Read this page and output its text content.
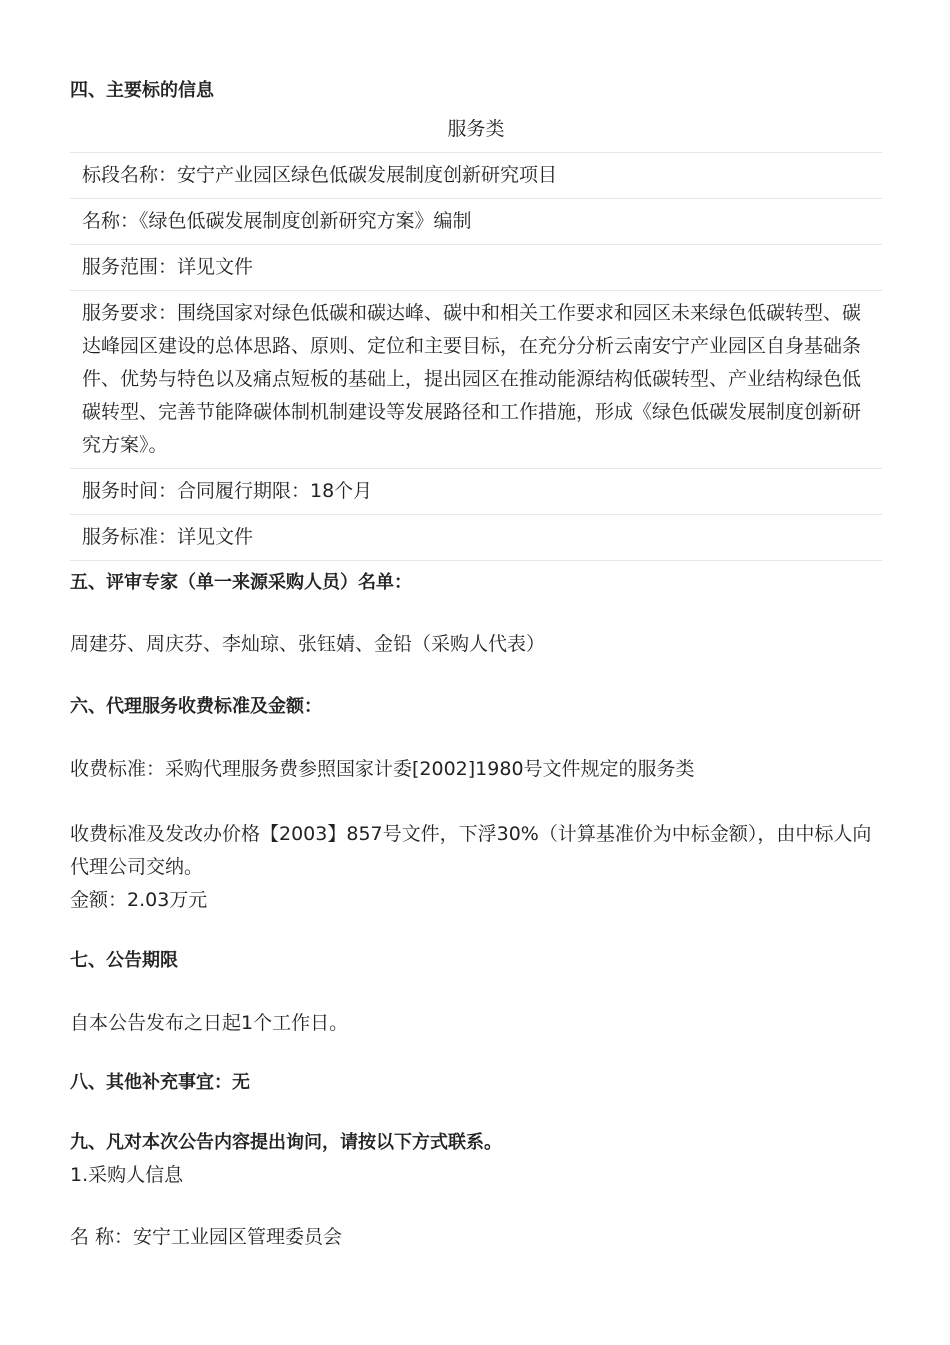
四、主要标的信息
服务类
标段名称：安宁产业园区绿色低碳发展制度创新研究项目
名称：《绿色低碳发展制度创新研究方案》编制
服务范围：详见文件
服务要求：围绕国家对绿色低碳和碳达峰、碳中和相关工作要求和园区未来绿色低碳转型、碳达峰园区建设的总体思路、原则、定位和主要目标，在充分分析云南安宁产业园区自身基础条件、优势与特色以及痛点短板的基础上，提出园区在推动能源结构低碳转型、产业结构绿色低碳转型、完善节能降碳体制机制建设等发展路径和工作措施，形成《绿色低碳发展制度创新研究方案》。
服务时间：合同履行期限：18个月
服务标准：详见文件
五、评审专家（单一来源采购人员）名单：

周建芬、周庆芬、李灿琼、张钰婧、金铅（采购人代表）

六、代理服务收费标准及金额：

收费标准：采购代理服务费参照国家计委[2002]1980号文件规定的服务类

收费标准及发改办价格【2003】857号文件，下浮30%（计算基准价为中标金额），由中标人向代理公司交纳。

金额：2.03万元

七、公告期限

自本公告发布之日起1个工作日。

八、其他补充事宜：无
九、凡对本次公告内容提出询问，请按以下方式联系。

1.采购人信息

名 称：安宁工业园区管理委员会
